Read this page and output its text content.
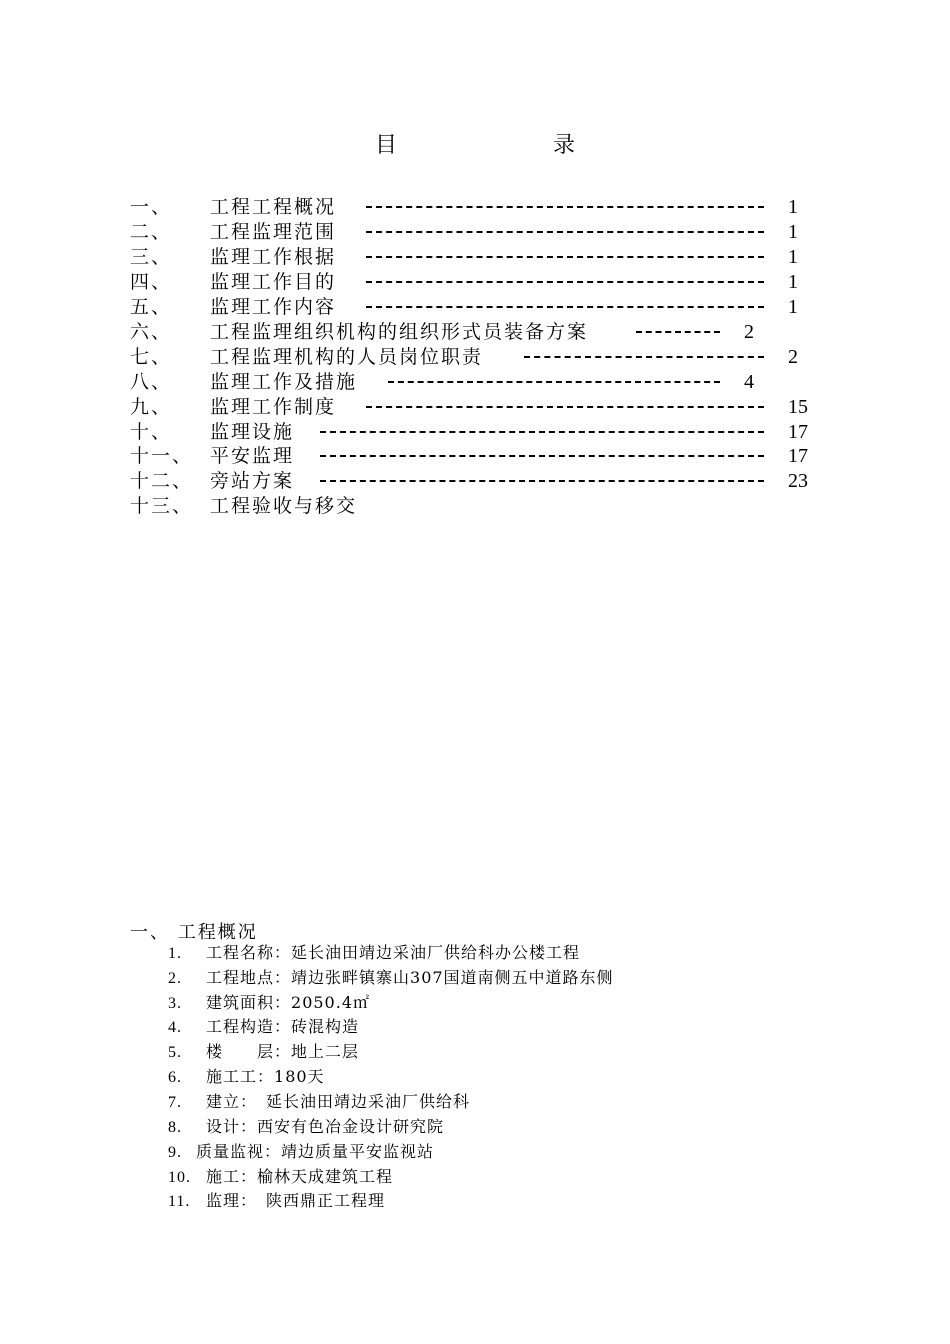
目	录
一、 工程工程概况	1
二、 工程监理范围	1
三、 监理工作根据	1
四、 监理工作目的	1
五、 监理工作内容	1
六、 工程监理组织机构的组织形式员装备方案	2
七、 工程监理机构的人员岗位职责	2
八、 监理工作及措施	4
九、 监理工作制度	15
十、 监理设施	17
十一、 平安监理	17
十二、 旁站方案	23
十三、 工程验收与移交
一、 工程概况
1. 工程名称：延长油田靖边采油厂供给科办公楼工程
2. 工程地点：靖边张畔镇寨山307国道南侧五中道路东侧
3. 建筑面积：2050.4㎡
4. 工程构造：砖混构造
5. 楼　　层：地上二层
6. 施工工：180天
7. 建立：　延长油田靖边采油厂供给科
8. 设计：西安有色冶金设计研究院
9. 质量监视：靖边质量平安监视站
10. 施工：榆林天成建筑工程
11. 监理：　陕西鼎正工程理
